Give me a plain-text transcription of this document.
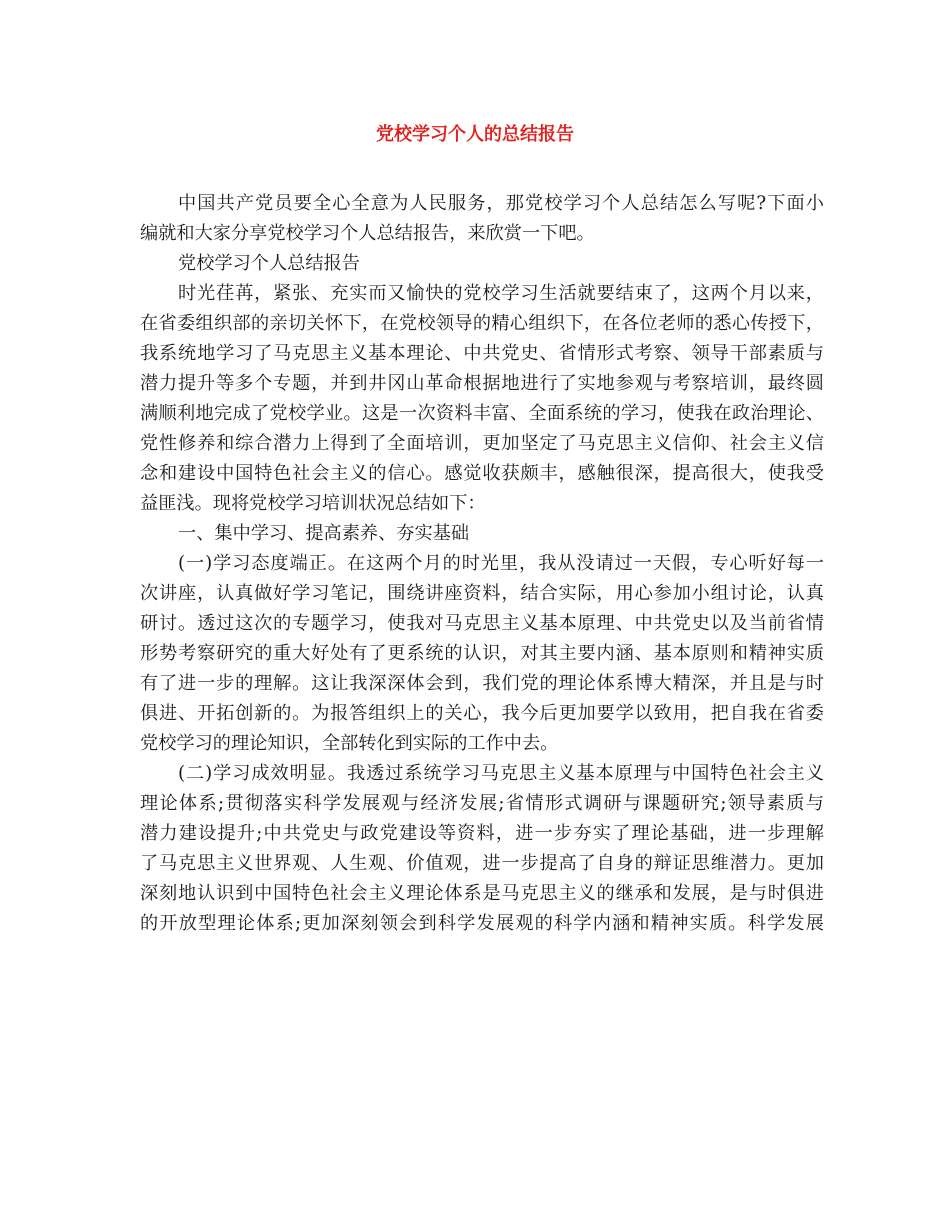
党校学习个人的总结报告
中国共产党员要全心全意为人民服务，那党校学习个人总结怎么写呢?下面小
编就和大家分享党校学习个人总结报告，来欣赏一下吧。
党校学习个人总结报告
时光荏苒，紧张、充实而又愉快的党校学习生活就要结束了，这两个月以来，
在省委组织部的亲切关怀下，在党校领导的精心组织下，在各位老师的悉心传授下，
我系统地学习了马克思主义基本理论、中共党史、省情形式考察、领导干部素质与
潜力提升等多个专题，并到井冈山革命根据地进行了实地参观与考察培训，最终圆
满顺利地完成了党校学业。这是一次资料丰富、全面系统的学习，使我在政治理论、
党性修养和综合潜力上得到了全面培训，更加坚定了马克思主义信仰、社会主义信
念和建设中国特色社会主义的信心。感觉收获颇丰，感触很深，提高很大，使我受
益匪浅。现将党校学习培训状况总结如下：
一、集中学习、提高素养、夯实基础
(一)学习态度端正。在这两个月的时光里，我从没请过一天假，专心听好每一
次讲座，认真做好学习笔记，围绕讲座资料，结合实际，用心参加小组讨论，认真
研讨。透过这次的专题学习，使我对马克思主义基本原理、中共党史以及当前省情
形势考察研究的重大好处有了更系统的认识，对其主要内涵、基本原则和精神实质
有了进一步的理解。这让我深深体会到，我们党的理论体系博大精深，并且是与时
俱进、开拓创新的。为报答组织上的关心，我今后更加要学以致用，把自我在省委
党校学习的理论知识，全部转化到实际的工作中去。
(二)学习成效明显。我透过系统学习马克思主义基本原理与中国特色社会主义
理论体系;贯彻落实科学发展观与经济发展;省情形式调研与课题研究;领导素质与
潜力建设提升;中共党史与政党建设等资料，进一步夯实了理论基础，进一步理解
了马克思主义世界观、人生观、价值观，进一步提高了自身的辩证思维潜力。更加
深刻地认识到中国特色社会主义理论体系是马克思主义的继承和发展，是与时俱进
的开放型理论体系;更加深刻领会到科学发展观的科学内涵和精神实质。科学发展
